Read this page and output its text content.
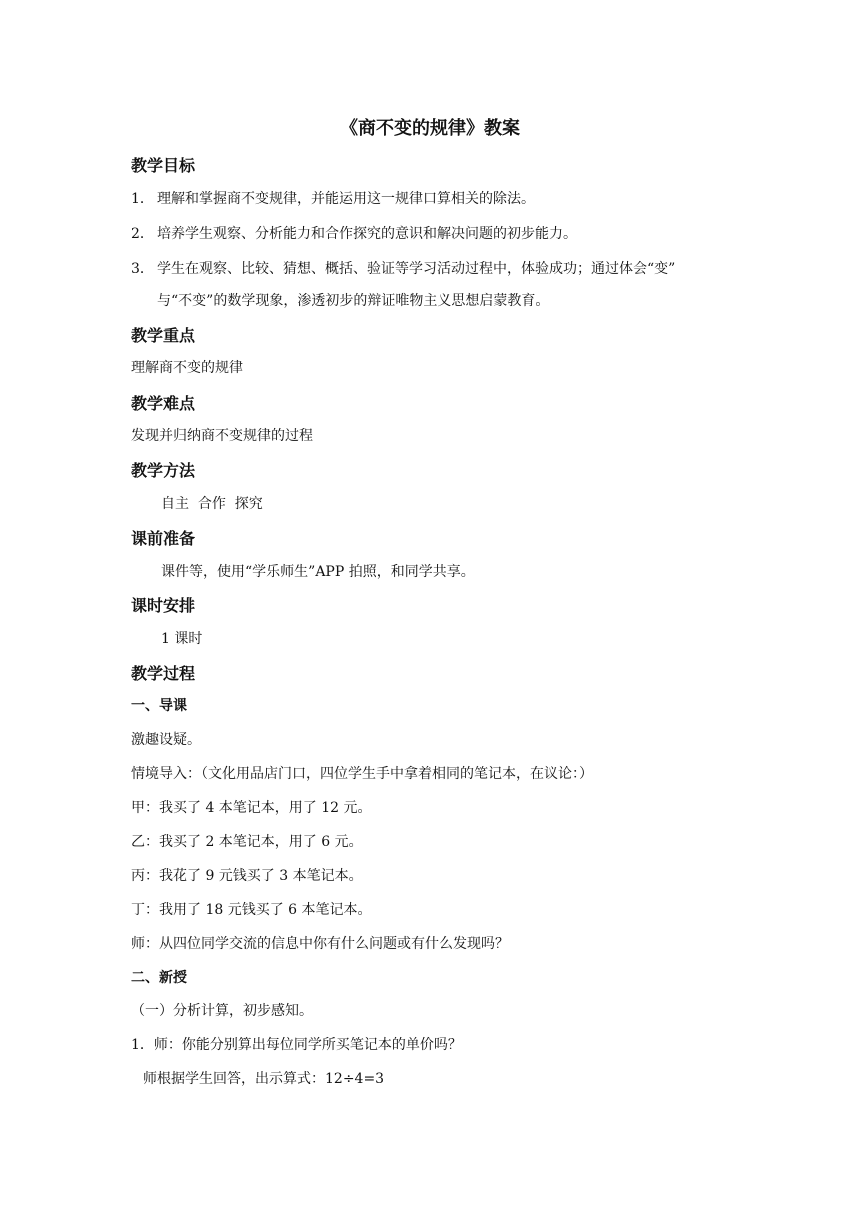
《商不变的规律》教案
教学目标
1． 理解和掌握商不变规律，并能运用这一规律口算相关的除法。
2． 培养学生观察、分析能力和合作探究的意识和解决问题的初步能力。
3． 学生在观察、比较、猜想、概括、验证等学习活动过程中，体验成功；通过体会“变”
与“不变”的数学现象，渗透初步的辩证唯物主义思想启蒙教育。
教学重点
理解商不变的规律
教学难点
发现并归纳商不变规律的过程
教学方法
自主  合作  探究
课前准备
课件等，使用“学乐师生”APP 拍照，和同学共享。
课时安排
1 课时
教学过程
一、导课
激趣设疑。
情境导入：（文化用品店门口，四位学生手中拿着相同的笔记本，在议论：）
甲：我买了 4 本笔记本，用了 12 元。
乙：我买了 2 本笔记本，用了 6 元。
丙：我花了 9 元钱买了 3 本笔记本。
丁：我用了 18 元钱买了 6 本笔记本。
师：从四位同学交流的信息中你有什么问题或有什么发现吗？
二、新授
（一）分析计算，初步感知。
1．师：你能分别算出每位同学所买笔记本的单价吗？
师根据学生回答，出示算式：12÷4=3
